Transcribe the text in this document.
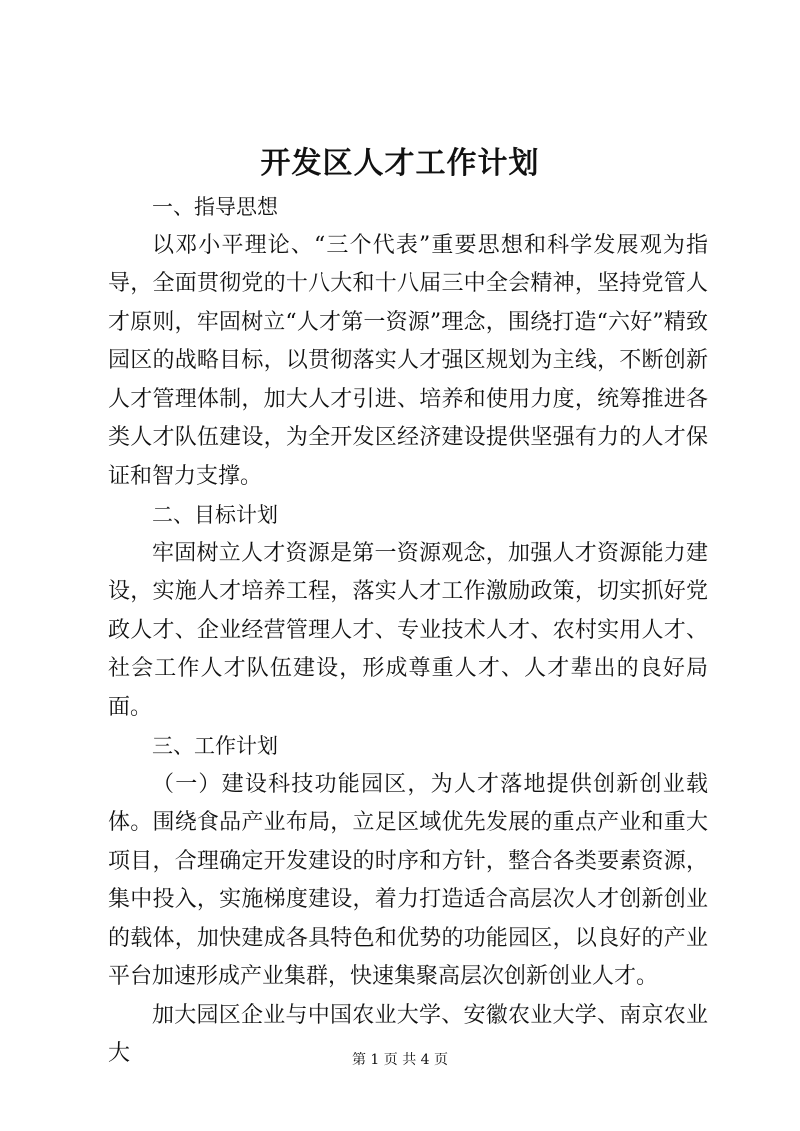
开发区人才工作计划

一、指导思想

以邓小平理论、“三个代表”重要思想和科学发展观为指导，全面贯彻党的十八大和十八届三中全会精神，坚持党管人才原则，牢固树立“人才第一资源”理念，围绕打造“六好”精致园区的战略目标，以贯彻落实人才强区规划为主线，不断创新人才管理体制，加大人才引进、培养和使用力度，统筹推进各类人才队伍建设，为全开发区经济建设提供坚强有力的人才保证和智力支撑。

二、目标计划

牢固树立人才资源是第一资源观念，加强人才资源能力建设，实施人才培养工程，落实人才工作激励政策，切实抓好党政人才、企业经营管理人才、专业技术人才、农村实用人才、社会工作人才队伍建设，形成尊重人才、人才辈出的良好局面。

三、工作计划

（一）建设科技功能园区，为人才落地提供创新创业载体。围绕食品产业布局，立足区域优先发展的重点产业和重大项目，合理确定开发建设的时序和方针，整合各类要素资源，集中投入，实施梯度建设，着力打造适合高层次人才创新创业的载体，加快建成各具特色和优势的功能园区，以良好的产业平台加速形成产业集群，快速集聚高层次创新创业人才。

加大园区企业与中国农业大学、安徽农业大学、南京农业大	第 1 页 共 4 页
